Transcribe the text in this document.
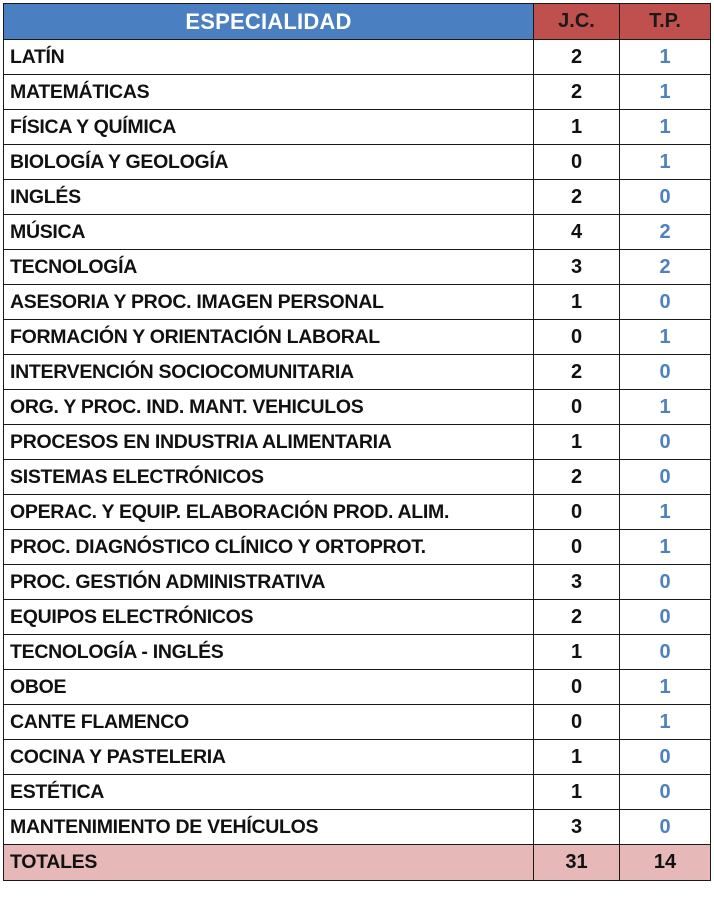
ESPECIALIDAD	J.C.	T.P.
LATÍN	2	1
MATEMÁTICAS	2	1
FÍSICA Y QUÍMICA	1	1
BIOLOGÍA Y GEOLOGÍA	0	1
INGLÉS	2	0
MÚSICA	4	2
TECNOLOGÍA	3	2
ASESORIA Y PROC. IMAGEN PERSONAL	1	0
FORMACIÓN Y ORIENTACIÓN LABORAL	0	1
INTERVENCIÓN SOCIOCOMUNITARIA	2	0
ORG. Y PROC. IND. MANT. VEHICULOS	0	1
PROCESOS EN INDUSTRIA ALIMENTARIA	1	0
SISTEMAS ELECTRÓNICOS	2	0
OPERAC. Y EQUIP. ELABORACIÓN PROD. ALIM.	0	1
PROC. DIAGNÓSTICO CLÍNICO Y ORTOPROT.	0	1
PROC. GESTIÓN ADMINISTRATIVA	3	0
EQUIPOS ELECTRÓNICOS	2	0
TECNOLOGÍA - INGLÉS	1	0
OBOE	0	1
CANTE FLAMENCO	0	1
COCINA Y PASTELERIA	1	0
ESTÉTICA	1	0
MANTENIMIENTO DE VEHÍCULOS	3	0
TOTALES	31	14
